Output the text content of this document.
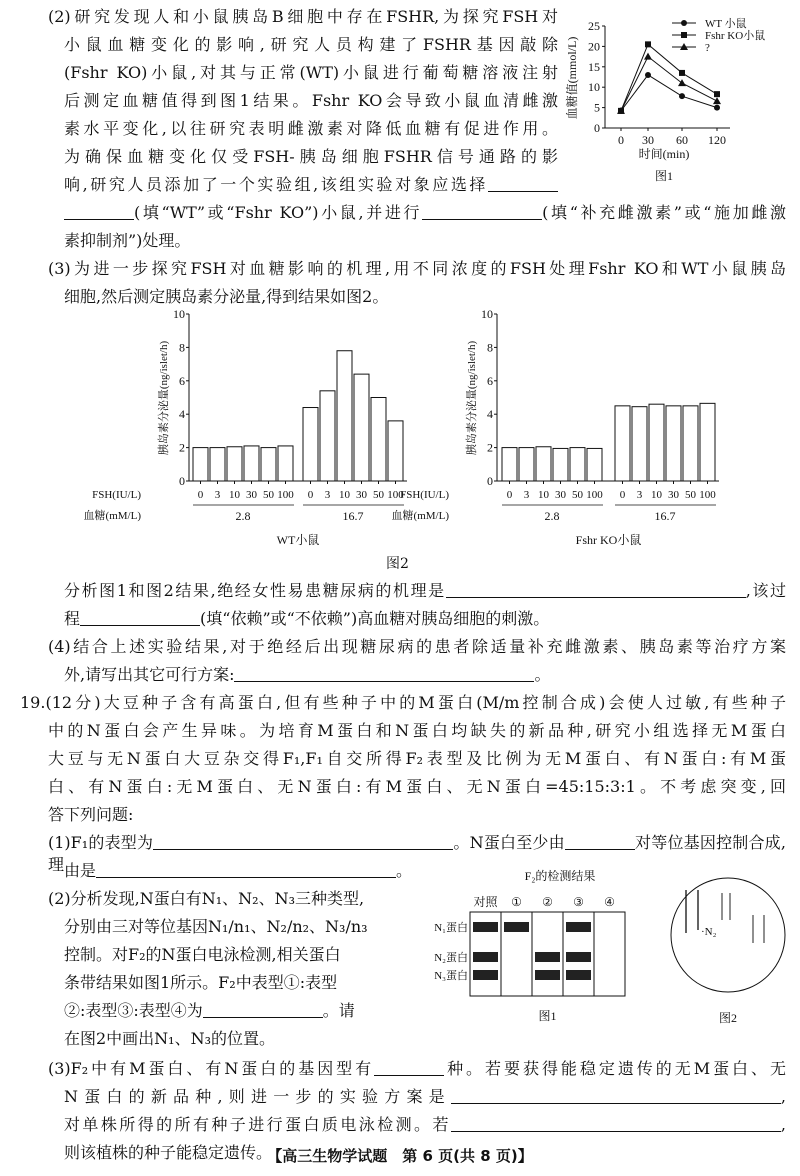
(2)研究发现人和小鼠胰岛B细胞中存在FSHR,为探究FSH对
小鼠血糖变化的影响,研究人员构建了FSHR基因敲除
(Fshr KO)小鼠,对其与正常(WT)小鼠进行葡萄糖溶液注射
后测定血糖值得到图1结果。Fshr KO会导致小鼠血清雌激
素水平变化,以往研究表明雌激素对降低血糖有促进作用。
为确保血糖变化仅受FSH-胰岛细胞FSHR信号通路的影
响,研究人员添加了一个实验组,该组实验对象应选择
(填“WT”或“Fshr KO”)小鼠,并进行	(填“补充雌激素”或“施加雌激
素抑制剂”)处理。
(3)为进一步探究FSH对血糖影响的机理,用不同浓度的FSH处理Fshr KO和WT小鼠胰岛
细胞,然后测定胰岛素分泌量,得到结果如图2。
分析图1和图2结果,绝经女性易患糖尿病的机理是	,该过
程	(填“依赖”或“不依赖”)高血糖对胰岛细胞的刺激。
(4)结合上述实验结果,对于绝经后出现糖尿病的患者除适量补充雌激素、胰岛素等治疗方案
外,请写出其它可行方案:	。
19.(12分)大豆种子含有高蛋白,但有些种子中的M蛋白(M/m控制合成)会使人过敏,有些种子
中的N蛋白会产生异味。为培育M蛋白和N蛋白均缺失的新品种,研究小组选择无M蛋白
大豆与无N蛋白大豆杂交得F₁,F₁自交所得F₂表型及比例为无M蛋白、有N蛋白:有M蛋
白、有N蛋白:无M蛋白、无N蛋白:有M蛋白、无N蛋白=45:15:3:1。不考虑突变,回
答下列问题:
(1)F₁的表型为	。N蛋白至少由	对等位基因控制合成,理 由是	。
(2)分析发现,N蛋白有N₁、N₂、N₃三种类型,
分别由三对等位基因N₁/n₁、N₂/n₂、N₃/n₃
控制。对F₂的N蛋白电泳检测,相关蛋白
条带结果如图1所示。F₂中表型①:表型
②:表型③:表型④为	。请
在图2中画出N₁、N₃的位置。
(3)F₂中有M蛋白、有N蛋白的基因型有	种。若要获得能稳定遗传的无M蛋白、无
N蛋白的新品种,则进一步的实验方案是	,
对单株所得的所有种子进行蛋白质电泳检测。若	,
则该植株的种子能稳定遗传。
0
5
10
15
20
25
0 30 60 120
时间(min)
血糖值(mmol/L)
图1
WT 小鼠
Fshr KO小鼠
?
0
2
4
6
8
10
胰岛素分泌量(ng/islet/h)
FSH(IU/L)
血糖(mM/L)
0 3 10 30 50 100
2.8
0 3 10 30 50 100
16.7
WT小鼠
0
2
4
6
8
10
胰岛素分泌量(ng/islet/h)
FSH(IU/L)
血糖(mM/L)
0 3 10 30 50 100
2.8
0 3 10 30 50 100
16.7
Fshr KO小鼠
图2
F₂的检测结果
对照 ① ② ③ ④
N₁蛋白
N₂蛋白
N₃蛋白
图1
·N₂
图2
【高三生物学试题　第 6 页(共 8 页)】
